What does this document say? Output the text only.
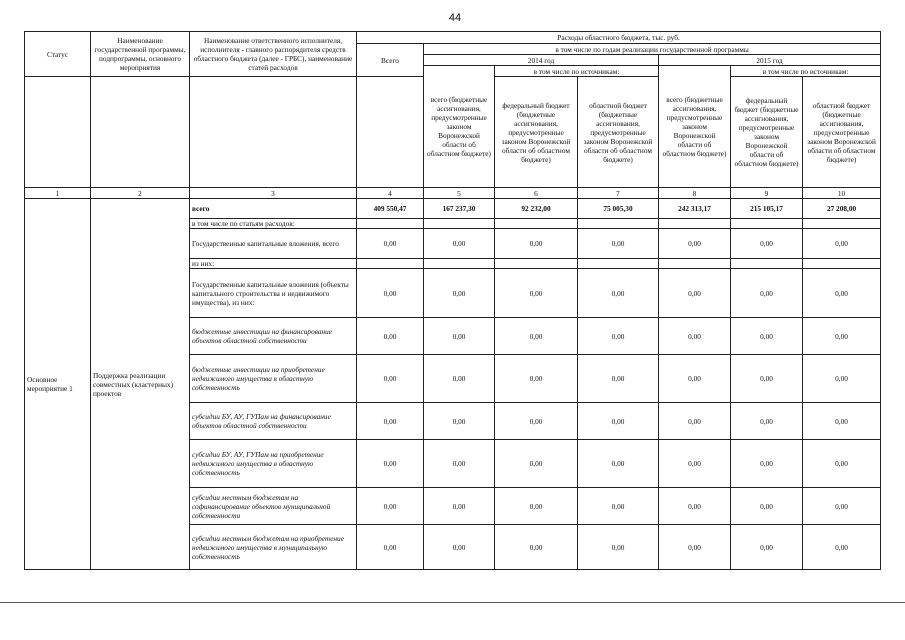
44
Статус	Наименование государственной программы, подпрограммы, основного мероприятия	Наименование ответственного исполнителя, исполнителя - главного распорядителя средств областного бюджета (далее - ГРБС), наименование статей расходов	Расходы областного бюджета, тыс. руб.						
			Всего	в том числе по годам реализации государственной программы					
				2014 год			2015 год		
				всего (бюджетные ассигнования, предусмотренные законом Воронежской области об областном бюджете)	в том числе по источникам:		всего (бюджетные ассигнования, предусмотренные законом Воронежской области об областном бюджете)	в том числе по источникам:	
					федеральный бюджет (бюджетные ассигнования, предусмотренные законом Воронежской области об областном бюджете)	областной бюджет (бюджетные ассигнования, предусмотренные законом Воронежской области об областном бюджете)		федеральный бюджет (бюджетные ассигнования, предусмотренные законом Воронежской области об областном бюджете)	областной бюджет (бюджетные ассигнования, предусмотренные законом Воронежской области об областном бюджете)
1	2	3	4	5	6	7	8	9	10
Основное мероприятие 1	Поддержка реализации совместных (кластерных) проектов	всего	409 550,47	167 237,30	92 232,00	75 005,30	242 313,17	215 105,17	27 208,00
		в том числе по статьям расходов:							
		Государственные капитальные вложения, всего	0,00	0,00	0,00	0,00	0,00	0,00	0,00
		из них:							
		Государственные капитальные вложения (объекты капитального строительства и недвижимого имущества), из них:	0,00	0,00	0,00	0,00	0,00	0,00	0,00
		бюджетные инвестиции на финансирование объектов областной собственности	0,00	0,00	0,00	0,00	0,00	0,00	0,00
		бюджетные инвестиции на приобретение недвижимого имущества в областную собственность	0,00	0,00	0,00	0,00	0,00	0,00	0,00
		субсидии БУ, АУ, ГУПам на финансирование объектов областной собственности	0,00	0,00	0,00	0,00	0,00	0,00	0,00
		субсидии БУ, АУ, ГУПам на приобретение недвижимого имущества в областную собственность	0,00	0,00	0,00	0,00	0,00	0,00	0,00
		субсидии местным бюджетам на софинансирование объектов муниципальной собственности	0,00	0,00	0,00	0,00	0,00	0,00	0,00
		субсидии местным бюджетам на приобретение недвижимого имущества в муниципальную собственность	0,00	0,00	0,00	0,00	0,00	0,00	0,00
